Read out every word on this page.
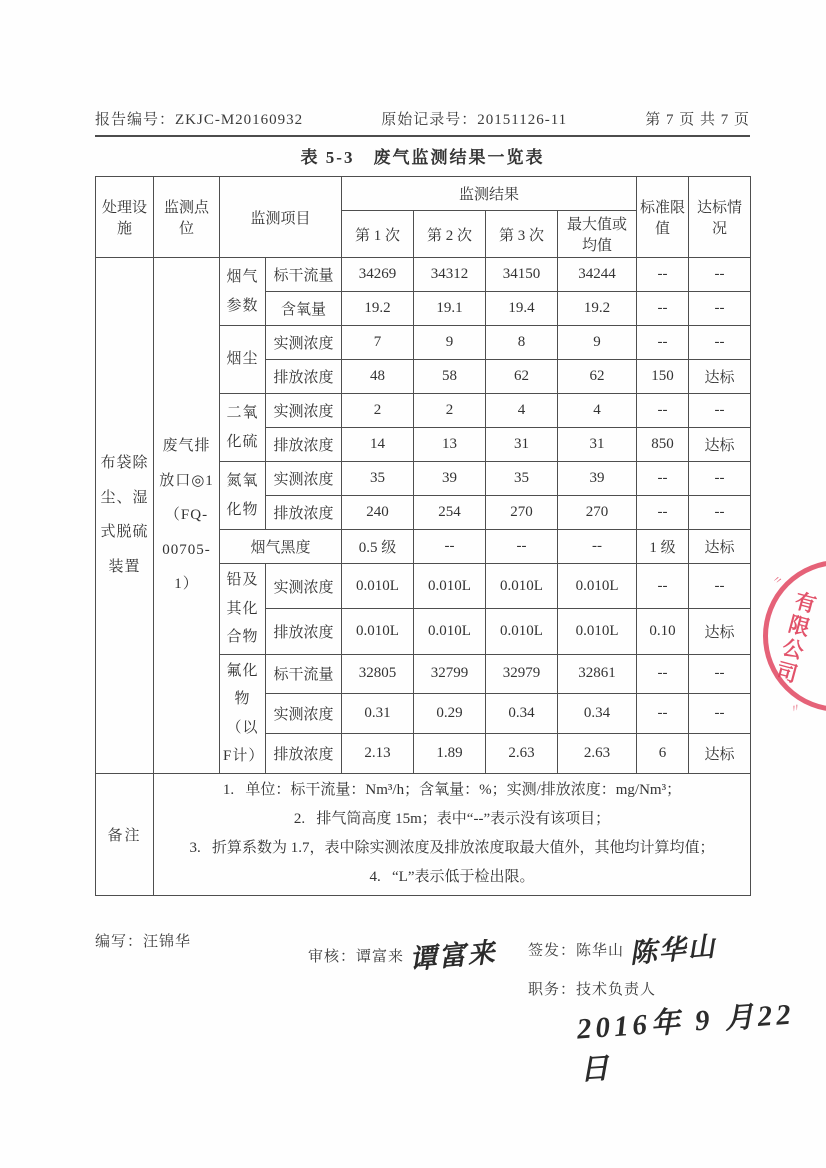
报告编号：ZKJC-M20160932	原始记录号：20151126-11	第 7 页 共 7 页
表 5-3　废气监测结果一览表
处理设施	监测点位	监测项目		监测结果				标准限值	达标情况
				第 1 次	第 2 次	第 3 次	最大值或均值		
布袋除尘、湿式脱硫装置	废气排放口◎1（FQ-00705-1）	烟气参数	标干流量	34269	34312	34150	34244	--	--
			含氧量	19.2	19.1	19.4	19.2	--	--
		烟尘	实测浓度	7	9	8	9	--	--
			排放浓度	48	58	62	62	150	达标
		二氧化硫	实测浓度	2	2	4	4	--	--
			排放浓度	14	13	31	31	850	达标
		氮氧化物	实测浓度	35	39	35	39	--	--
			排放浓度	240	254	270	270	--	--
		烟气黑度		0.5 级	--	--	--	1 级	达标
		铅及其化合物	实测浓度	0.010L	0.010L	0.010L	0.010L	--	--
			排放浓度	0.010L	0.010L	0.010L	0.010L	0.10	达标
		氟化物（以F计）	标干流量	32805	32799	32979	32861	--	--
			实测浓度	0.31	0.29	0.34	0.34	--	--
			排放浓度	2.13	1.89	2.63	2.63	6	达标
备注	1.   单位：标干流量：Nm³/h；含氧量：%；实测/排放浓度：mg/Nm³；
2.   排气筒高度 15m；表中“--”表示没有该项目；
3.   折算系数为 1.7，表中除实测浓度及排放浓度取最大值外，其他均计算均值；
4.   “L”表示低于检出限。								
编写：汪锦华
审核：谭富来 谭富来 签发：陈华山 陈华山
职务：技术负责人
2016年 9 月22日
有限公司
〃
〃
